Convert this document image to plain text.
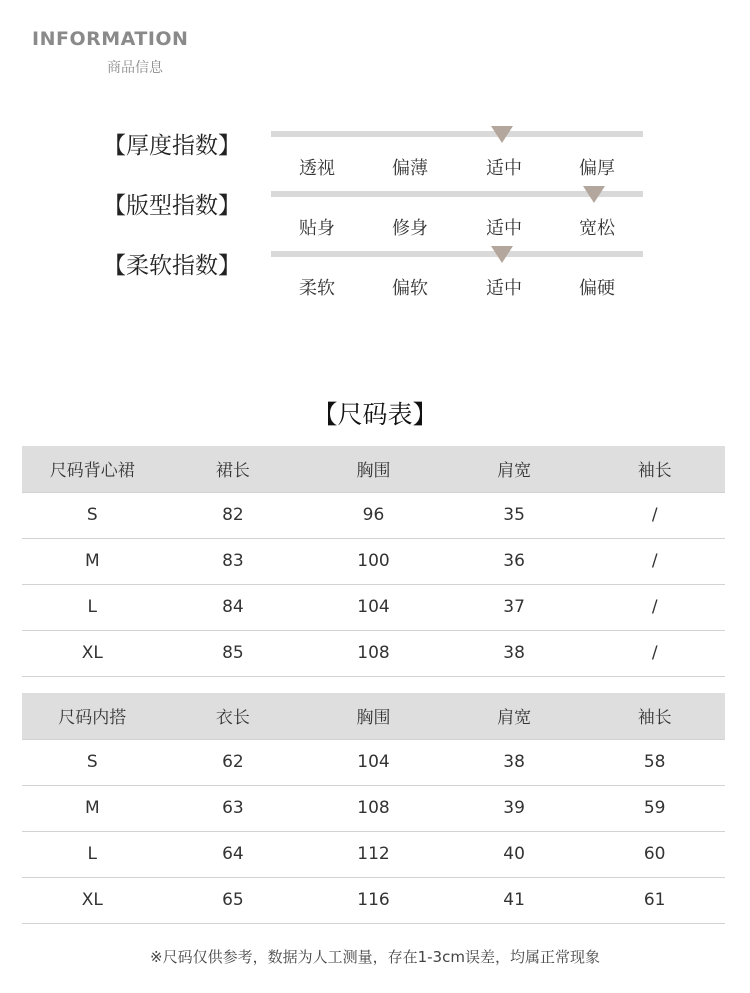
INFORMATION
商品信息
【厚度指数】
透视	偏薄	适中	偏厚
【版型指数】
贴身	修身	适中	宽松
【柔软指数】
柔软	偏软	适中	偏硬
【尺码表】
尺码背心裙	裙长	胸围	肩宽	袖长
S	82	96	35	/
M	83	100	36	/
L	84	104	37	/
XL	85	108	38	/
尺码内搭	衣长	胸围	肩宽	袖长
S	62	104	38	58
M	63	108	39	59
L	64	112	40	60
XL	65	116	41	61
※尺码仅供参考，数据为人工测量，存在1-3cm误差，均属正常现象
